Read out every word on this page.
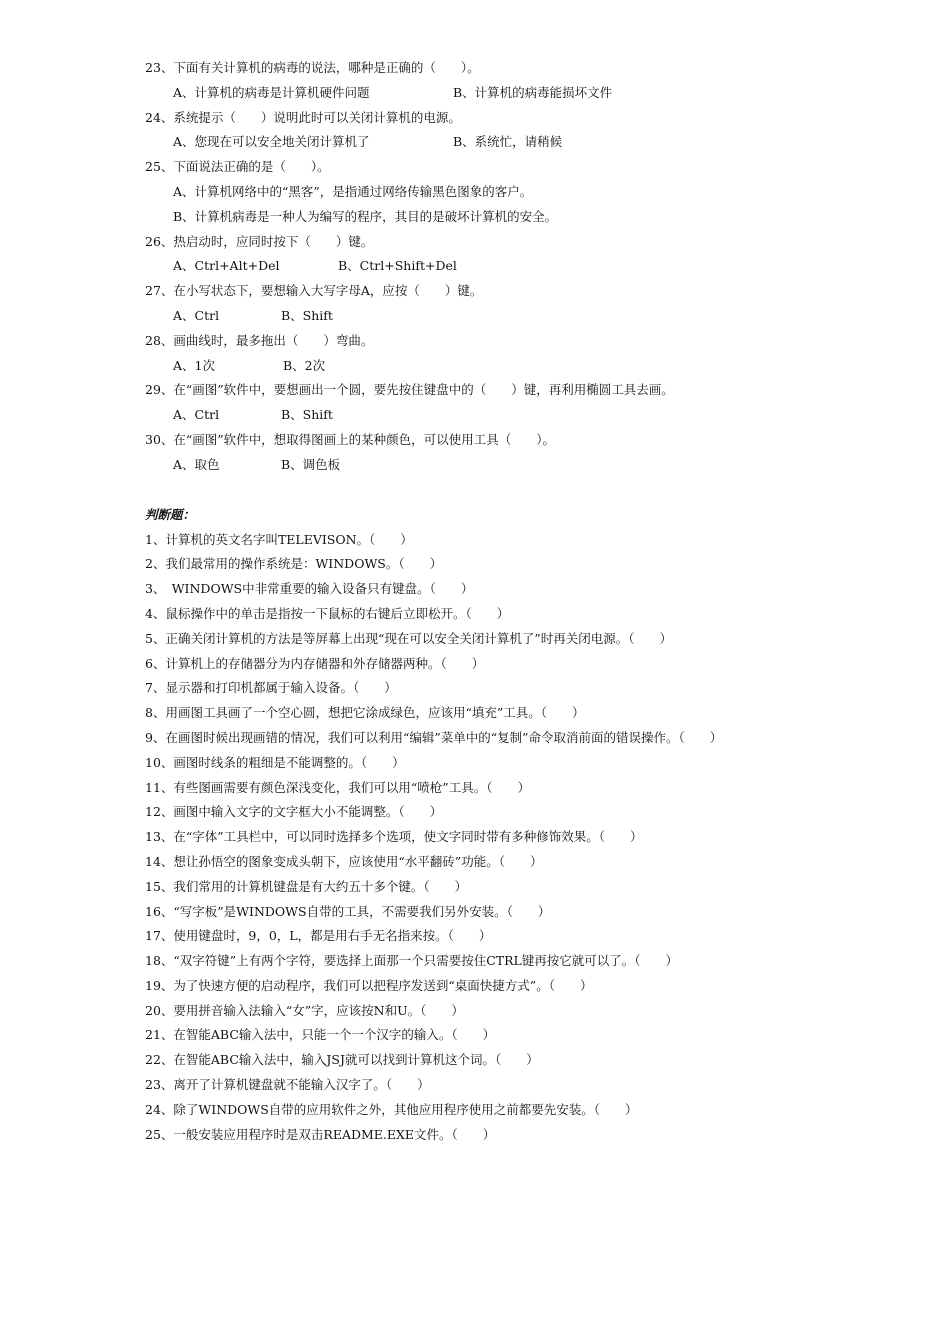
23、下面有关计算机的病毒的说法，哪种是正确的（　　）。
A、计算机的病毒是计算机硬件问题	B、计算机的病毒能损坏文件
24、系统提示（　　）说明此时可以关闭计算机的电源。
A、您现在可以安全地关闭计算机了	B、系统忙，请稍候
25、下面说法正确的是（　　）。
A、计算机网络中的“黑客”，是指通过网络传输黑色图象的客户。
B、计算机病毒是一种人为编写的程序，其目的是破坏计算机的安全。
26、热启动时，应同时按下（　　）键。
A、Ctrl+Alt+Del	B、Ctrl+Shift+Del
27、在小写状态下，要想输入大写字母A，应按（　　）键。
A、Ctrl	B、Shift
28、画曲线时，最多拖出（　　）弯曲。
A、1次	B、2次
29、在“画图”软件中，要想画出一个圆，要先按住键盘中的（　　）键，再利用椭圆工具去画。
A、Ctrl	B、Shift
30、在“画图”软件中，想取得图画上的某种颜色，可以使用工具（　　）。
A、取色	B、调色板
判断题：
1、计算机的英文名字叫TELEVISON。（　　）
2、我们最常用的操作系统是：WINDOWS。（　　）
3、　WINDOWS中非常重要的输入设备只有键盘。（　　）
4、鼠标操作中的单击是指按一下鼠标的右键后立即松开。（　　）
5、正确关闭计算机的方法是等屏幕上出现“现在可以安全关闭计算机了”时再关闭电源。（　　）
6、计算机上的存储器分为内存储器和外存储器两种。（　　）
7、显示器和打印机都属于输入设备。（　　）
8、用画图工具画了一个空心圆，想把它涂成绿色，应该用“填充”工具。（　　）
9、在画图时候出现画错的情况，我们可以利用“编辑”菜单中的“复制”命令取消前面的错误操作。（　　）
10、画图时线条的粗细是不能调整的。（　　）
11、有些图画需要有颜色深浅变化，我们可以用“喷枪”工具。（　　）
12、画图中输入文字的文字框大小不能调整。（　　）
13、在“字体”工具栏中，可以同时选择多个选项，使文字同时带有多种修饰效果。（　　）
14、想让孙悟空的图象变成头朝下，应该使用“水平翻砖”功能。（　　）
15、我们常用的计算机键盘是有大约五十多个键。（　　）
16、“写字板”是WINDOWS自带的工具，不需要我们另外安装。（　　）
17、使用键盘时，9，0，L，都是用右手无名指来按。（　　）
18、“双字符键”上有两个字符，要选择上面那一个只需要按住CTRL键再按它就可以了。（　　）
19、为了快速方便的启动程序，我们可以把程序发送到“桌面快捷方式”。（　　）
20、要用拼音输入法输入“女”字，应该按N和U。（　　）
21、在智能ABC输入法中，只能一个一个汉字的输入。（　　）
22、在智能ABC输入法中，输入JSJ就可以找到计算机这个词。（　　）
23、离开了计算机键盘就不能输入汉字了。（　　）
24、除了WINDOWS自带的应用软件之外，其他应用程序使用之前都要先安装。（　　）
25、一般安装应用程序时是双击README.EXE文件。（　　）
